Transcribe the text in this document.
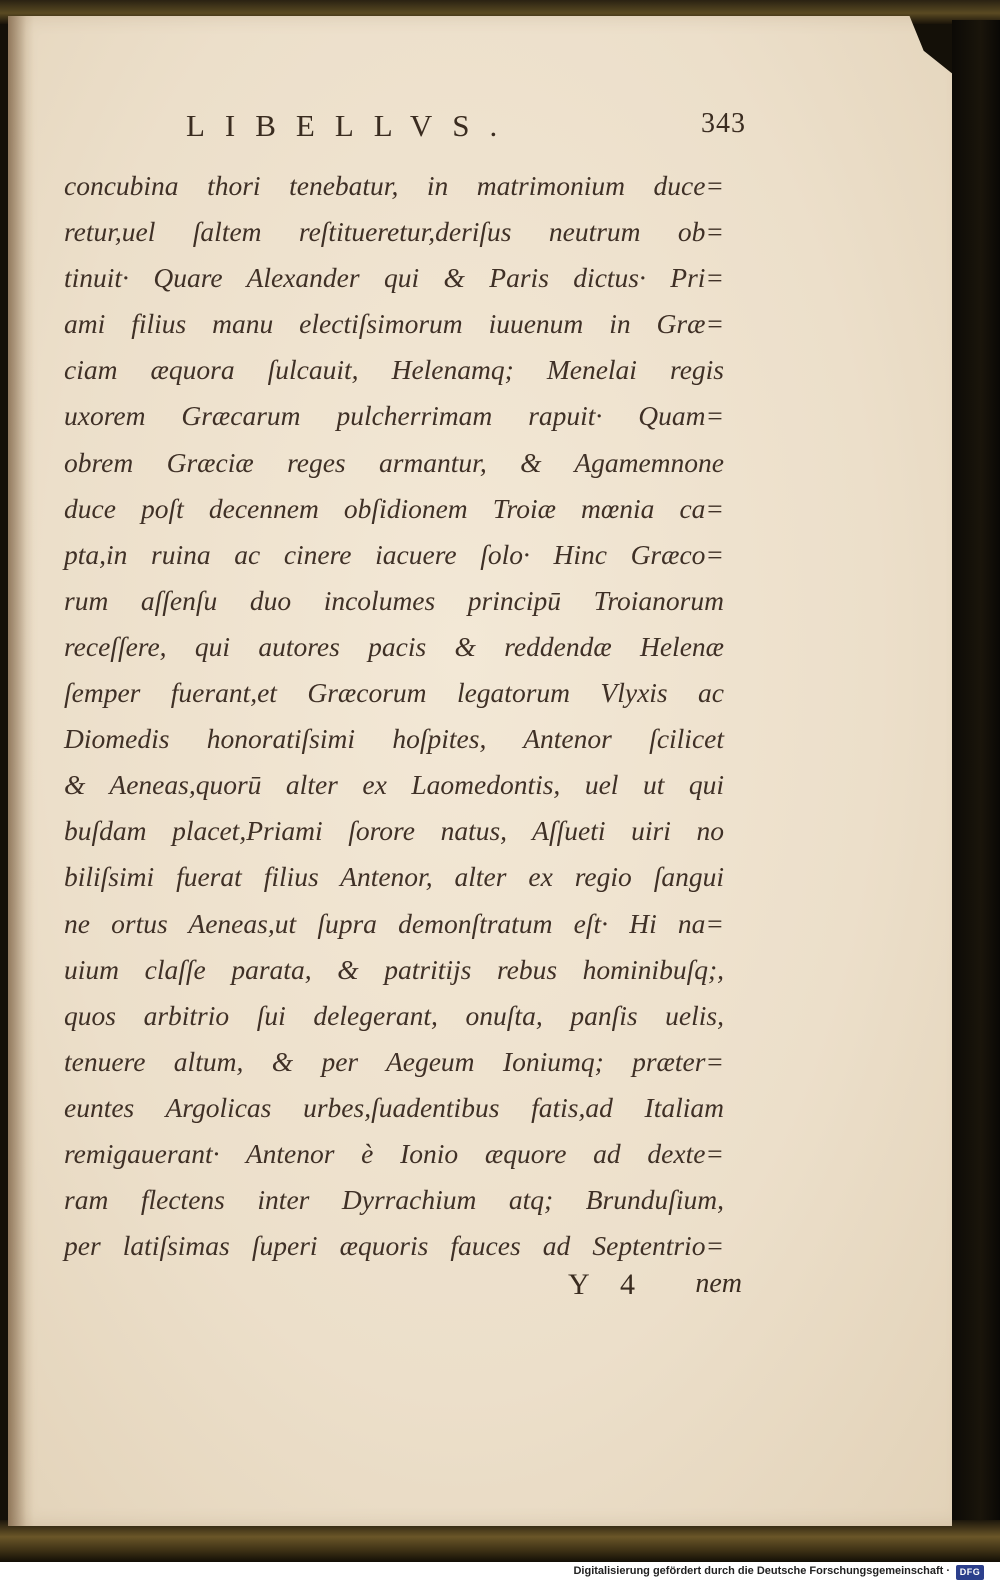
LIBELLVS.	343
concubina thori tenebatur, in matrimonium duce=
retur,uel ſaltem reſtitueretur,deriſus neutrum ob=
tinuit· Quare Alexander qui & Paris dictus· Pri=
ami filius manu electiſsimorum iuuenum in Græ=
ciam æquora ſulcauit, Helenamq; Menelai regis
uxorem Græcarum pulcherrimam rapuit· Quam=
obrem Græciæ reges armantur, & Agamemnone
duce poſt decennem obſidionem Troiæ mœnia ca=
pta,in ruina ac cinere iacuere ſolo· Hinc Græco=
rum aſſenſu duo incolumes principū Troianorum
receſſere, qui autores pacis & reddendæ Helenæ
ſemper fuerant,et Græcorum legatorum Vlyxis ac
Diomedis honoratiſsimi hoſpites, Antenor ſcilicet
& Aeneas,quorū alter ex Laomedontis, uel ut qui
buſdam placet,Priami ſorore natus, Aſſueti uiri no
biliſsimi fuerat filius Antenor, alter ex regio ſangui
ne ortus Aeneas,ut ſupra demonſtratum eſt· Hi na=
uium claſſe parata, & patritijs rebus hominibuſq;,
quos arbitrio ſui delegerant, onuſta, panſis uelis,
tenuere altum, & per Aegeum Ioniumq; præter=
euntes Argolicas urbes,ſuadentibus fatis,ad Italiam
remigauerant· Antenor è Ionio æquore ad dexte=
ram flectens inter Dyrrachium atq; Brunduſium,
per latiſsimas ſuperi æquoris fauces ad Septentrio=
Y 4 nem
Digitalisierung gefördert durch die Deutsche Forschungsgemeinschaft ·	DFG
